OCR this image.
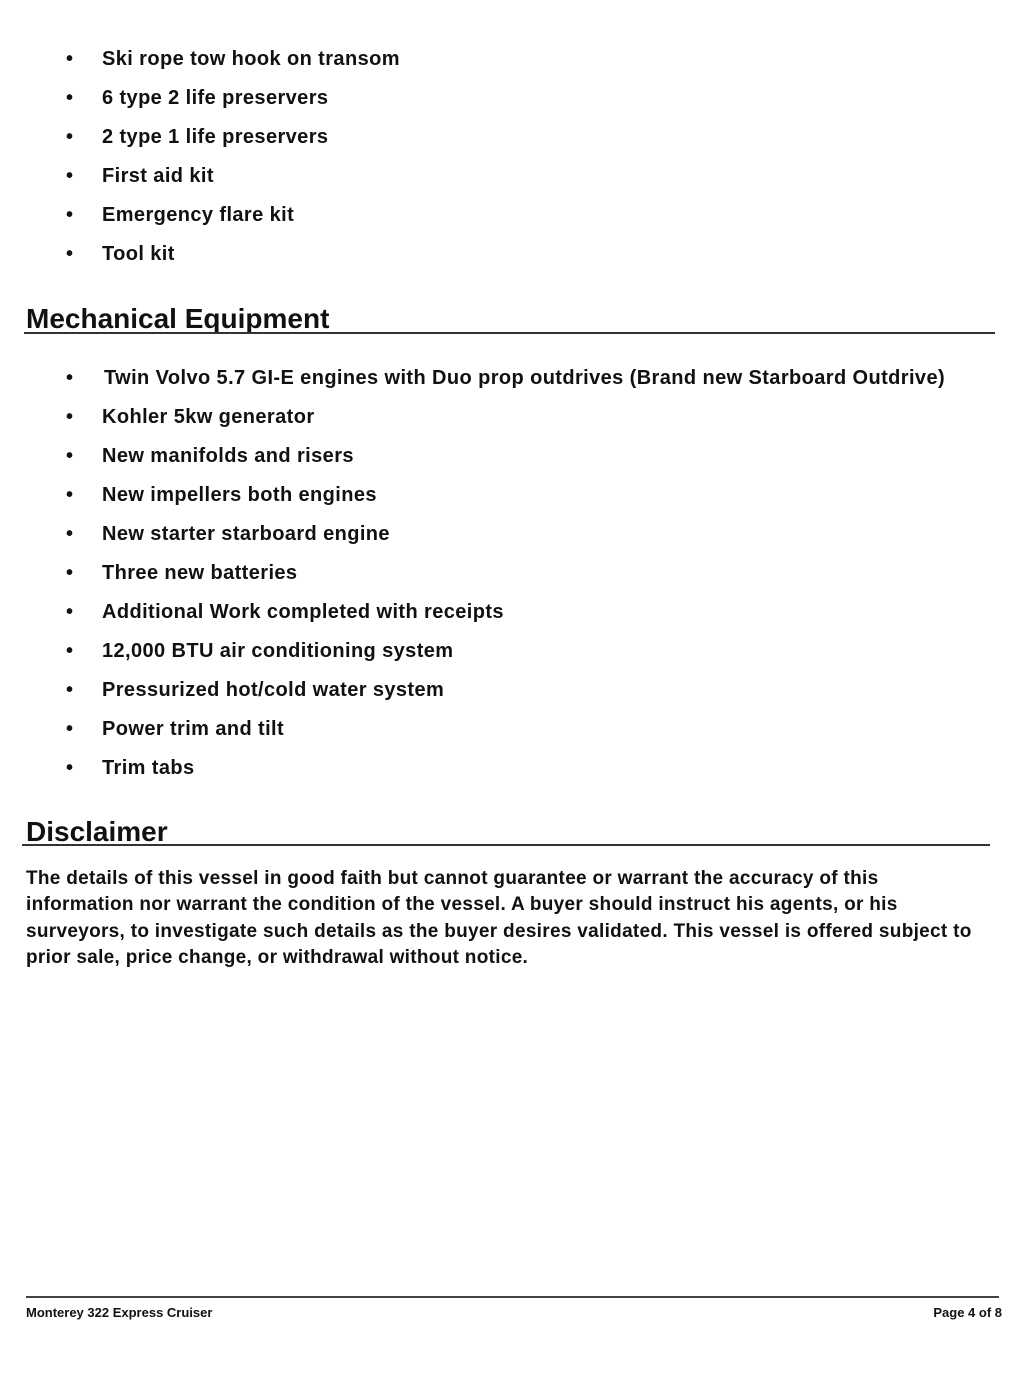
• Ski rope tow hook on transom
• 6 type 2 life preservers
• 2 type 1 life preservers
• First aid kit
• Emergency flare kit
• Tool kit
Mechanical Equipment
• Twin Volvo 5.7 GI-E engines with Duo prop outdrives (Brand new Starboard Outdrive)
• Kohler 5kw generator
• New manifolds and risers
• New impellers both engines
• New starter starboard engine
• Three new batteries
• Additional Work completed with receipts
• 12,000 BTU air conditioning system
• Pressurized hot/cold water system
• Power trim and tilt
• Trim tabs
Disclaimer

The details of this vessel in good faith but cannot guarantee or warrant the accuracy of this
information nor warrant the condition of the vessel. A buyer should instruct his agents, or his
surveyors, to investigate such details as the buyer desires validated. This vessel is offered subject to
prior sale, price change, or withdrawal without notice.

Monterey 322 Express Cruiser	Page 4 of 8
